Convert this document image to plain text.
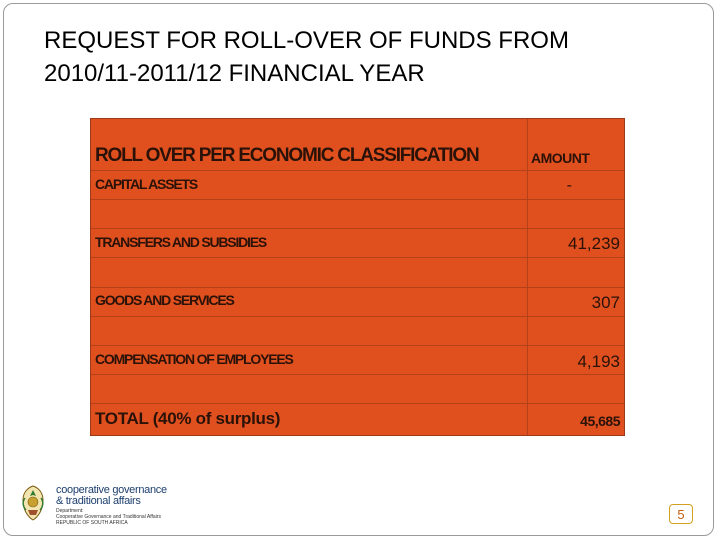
REQUEST FOR ROLL-OVER OF FUNDS FROM
2010/11-2011/12 FINANCIAL YEAR
ROLL OVER PER ECONOMIC CLASSIFICATION	AMOUNT
CAPITAL ASSETS	-
TRANSFERS AND SUBSIDIES	41,239
GOODS AND SERVICES	307
COMPENSATION OF EMPLOYEES	4,193
TOTAL (40% of surplus)	45,685
cooperative governance
& traditional affairs
Department:
Cooperative Governance and Traditional Affairs
REPUBLIC OF SOUTH AFRICA
5
